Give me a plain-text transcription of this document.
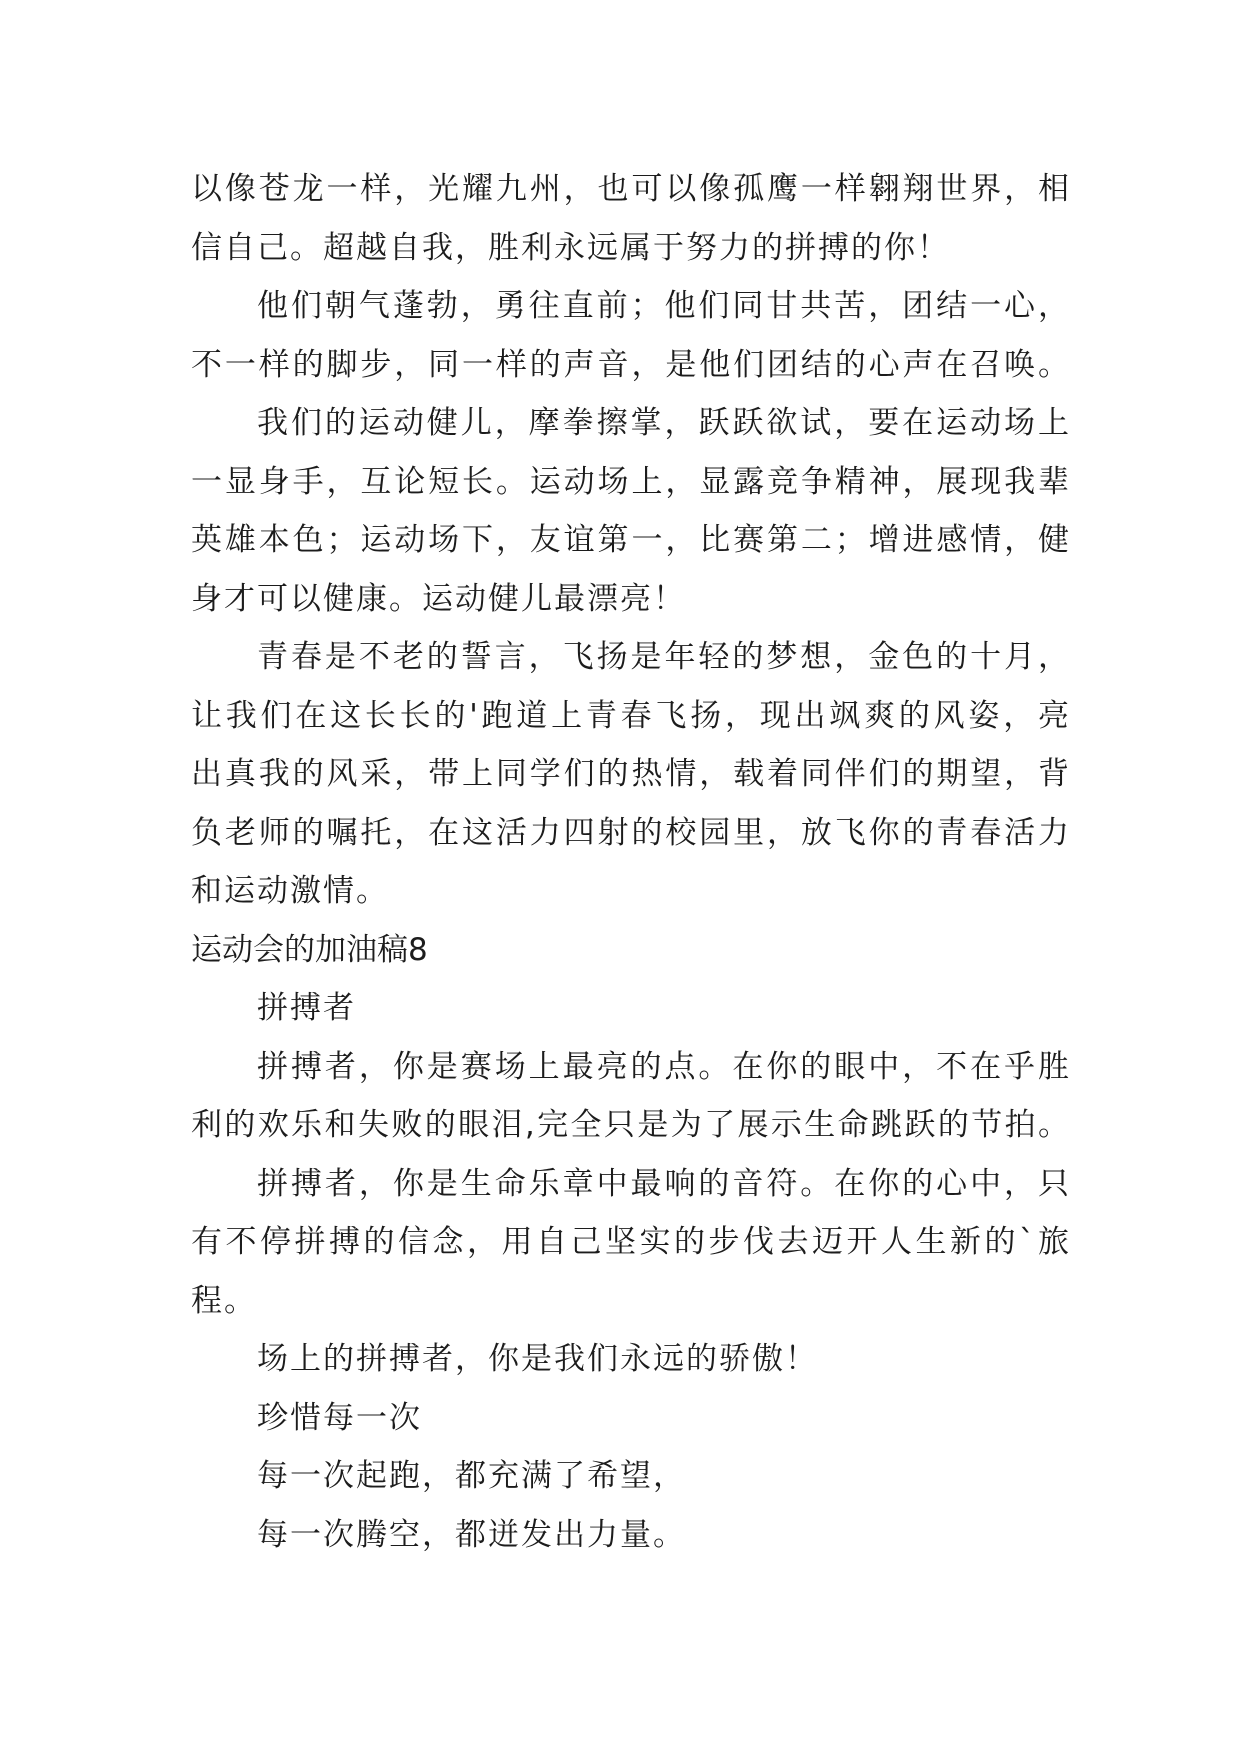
以像苍龙一样，光耀九州，也可以像孤鹰一样翱翔世界，相
信自己。超越自我，胜利永远属于努力的拼搏的你！
他们朝气蓬勃，勇往直前；他们同甘共苦，团结一心，
不一样的脚步，同一样的声音，是他们团结的心声在召唤。
我们的运动健儿，摩拳擦掌，跃跃欲试，要在运动场上
一显身手，互论短长。运动场上，显露竞争精神，展现我辈
英雄本色；运动场下，友谊第一，比赛第二；增进感情，健
身才可以健康。运动健儿最漂亮！
青春是不老的誓言，飞扬是年轻的梦想，金色的十月，
让我们在这长长的'跑道上青春飞扬，现出飒爽的风姿，亮
出真我的风采，带上同学们的热情，载着同伴们的期望，背
负老师的嘱托，在这活力四射的校园里，放飞你的青春活力
和运动激情。
运动会的加油稿8
拼搏者
拼搏者，你是赛场上最亮的点。在你的眼中，不在乎胜
利的欢乐和失败的眼泪,完全只是为了展示生命跳跃的节拍。
拼搏者，你是生命乐章中最响的音符。在你的心中，只
有不停拼搏的信念，用自己坚实的步伐去迈开人生新的`旅
程。
场上的拼搏者，你是我们永远的骄傲！
珍惜每一次
每一次起跑，都充满了希望，
每一次腾空，都迸发出力量。
